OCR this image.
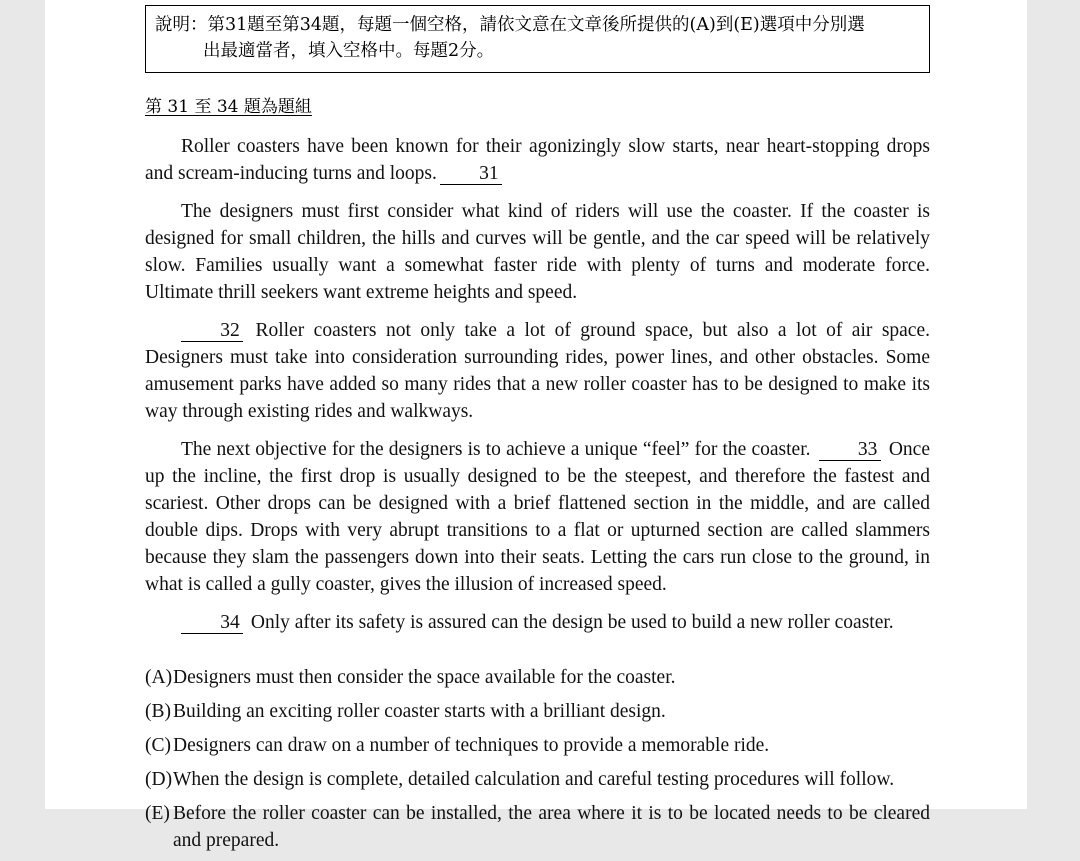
說明：第31題至第34題，每題一個空格，請依文意在文章後所提供的(A)到(E)選項中分別選
出最適當者，填入空格中。每題2分。
第 31 至 34 題為題組

Roller coasters have been known for their agonizingly slow starts, near heart-stopping drops and scream-inducing turns and loops. 31

The designers must first consider what kind of riders will use the coaster. If the coaster is designed for small children, the hills and curves will be gentle, and the car speed will be relatively slow. Families usually want a somewhat faster ride with plenty of turns and moderate force. Ultimate thrill seekers want extreme heights and speed.

32 Roller coasters not only take a lot of ground space, but also a lot of air space. Designers must take into consideration surrounding rides, power lines, and other obstacles. Some amusement parks have added so many rides that a new roller coaster has to be designed to make its way through existing rides and walkways.

The next objective for the designers is to achieve a unique “feel” for the coaster. 33 Once up the incline, the first drop is usually designed to be the steepest, and therefore the fastest and scariest. Other drops can be designed with a brief flattened section in the middle, and are called double dips. Drops with very abrupt transitions to a flat or upturned section are called slammers because they slam the passengers down into their seats. Letting the cars run close to the ground, in what is called a gully coaster, gives the illusion of increased speed.

34 Only after its safety is assured can the design be used to build a new roller coaster.

(A)Designers must then consider the space available for the coaster.
(B) Building an exciting roller coaster starts with a brilliant design.
(C) Designers can draw on a number of techniques to provide a memorable ride.
(D)When the design is complete, detailed calculation and careful testing procedures will follow.
(E) Before the roller coaster can be installed, the area where it is to be located needs to be cleared and prepared.
